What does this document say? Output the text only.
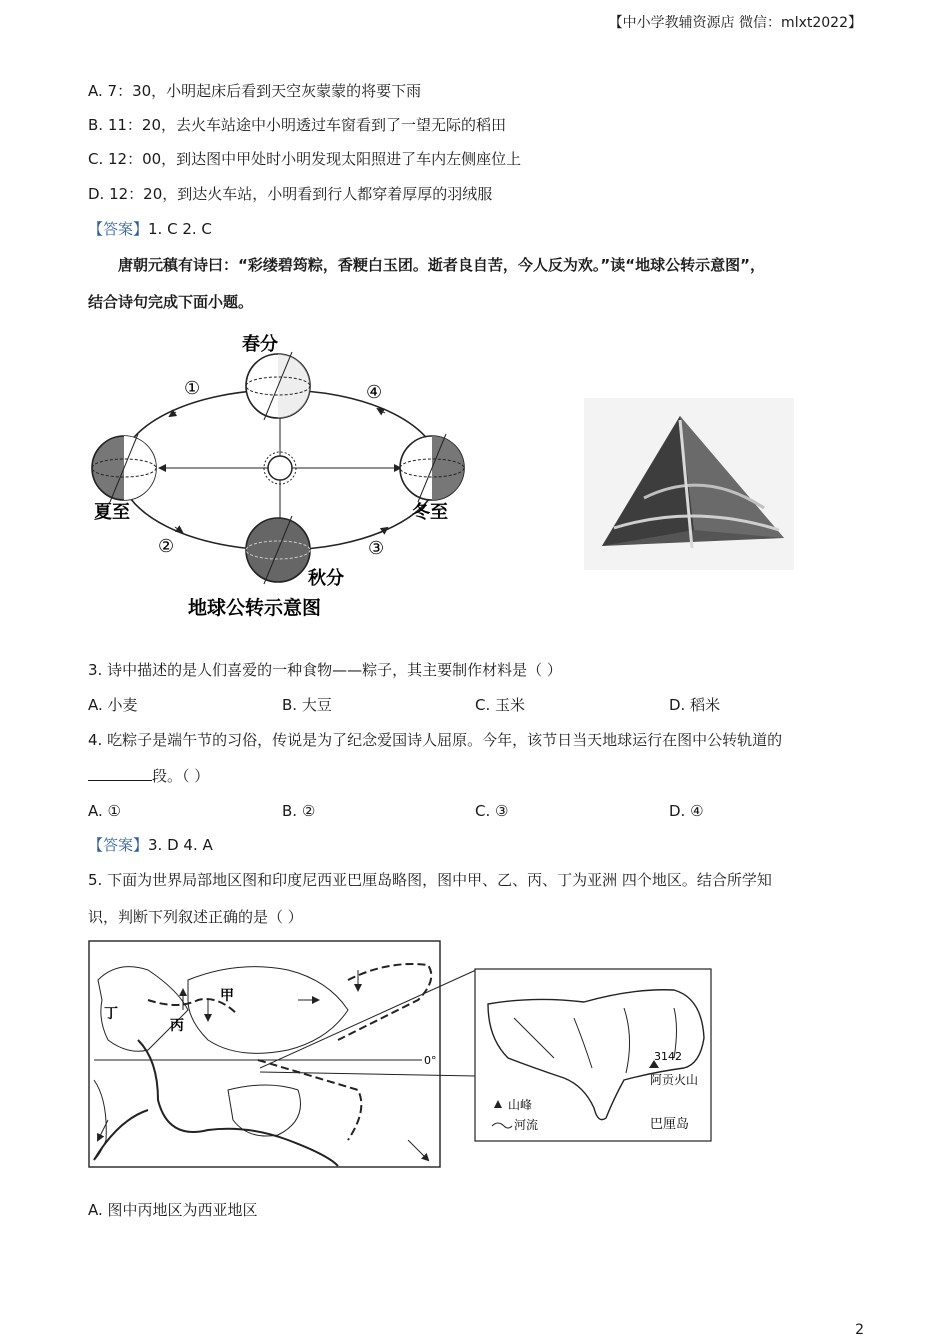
【中小学教辅资源店 微信：mlxt2022】
A. 7：30，小明起床后看到天空灰蒙蒙的将要下雨
B. 11：20，去火车站途中小明透过车窗看到了一望无际的稻田
C. 12：00，到达图中甲处时小明发现太阳照进了车内左侧座位上
D. 12：20，到达火车站，小明看到行人都穿着厚厚的羽绒服
【答案】1. C 2. C
唐朝元稹有诗曰：“彩缕碧筠粽，香粳白玉团。逝者良自苦，今人反为欢。”读“地球公转示意图”，
结合诗句完成下面小题。
春分
夏至	冬至
秋分
①
②	③
④
地球公转示意图
3. 诗中描述的是人们喜爱的一种食物——粽子，其主要制作材料是（ ）
A. 小麦	B. 大豆	C. 玉米	D. 稻米
4. 吃粽子是端午节的习俗，传说是为了纪念爱国诗人屈原。今年，该节日当天地球运行在图中公转轨道的
段。（ ）
A. ①	B. ②	C. ③	D. ④
【答案】3. D 4. A
5. 下面为世界局部地区图和印度尼西亚巴厘岛略图，图中甲、乙、丙、丁为亚洲 四个地区。结合所学知
识，判断下列叙述正确的是（ ）
0°
甲
丙
丁
3142
阿贡火山
山峰
河流	巴厘岛
A. 图中丙地区为西亚地区
2
